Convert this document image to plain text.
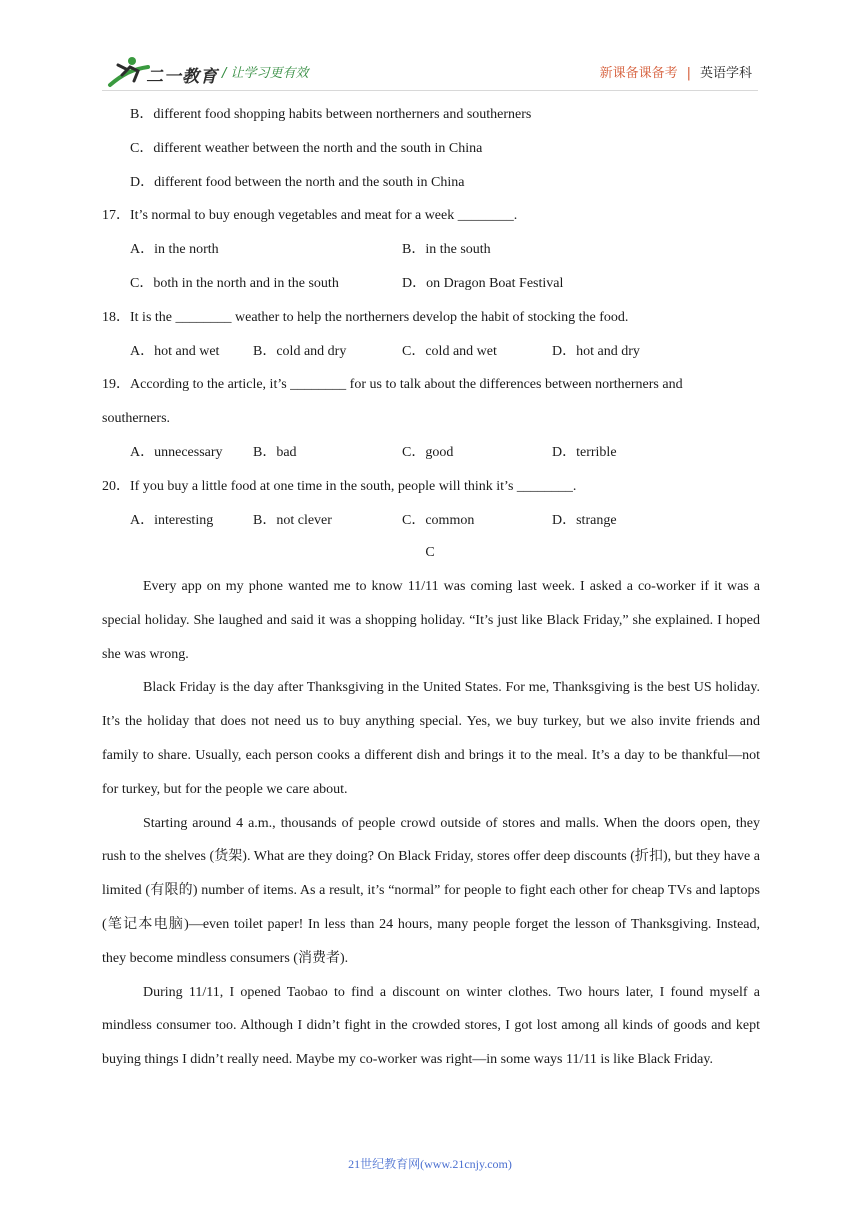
二一教育 / 让学习更有效	新课备课备考 | 英语学科
B．different food shopping habits between northerners and southerners
C．different weather between the north and the south in China
D．different food between the north and the south in China
17．It’s normal to buy enough vegetables and meat for a week ________.
A．in the north	B．in the south
C．both in the north and in the south	D．on Dragon Boat Festival
18．It is the ________ weather to help the northerners develop the habit of stocking the food.
A．hot and wet B．cold and dry	C．cold and wet	D．hot and dry
19．According to the article, it’s ________ for us to talk about the differences between northerners and
southerners.
A．unnecessary B．bad	C．good	D．terrible
20．If you buy a little food at one time in the south, people will think it’s ________.
A．interesting	B．not clever	C．common	D．strange
C

Every app on my phone wanted me to know 11/11 was coming last week. I asked a co-worker if it was a special holiday. She laughed and said it was a shopping holiday. “It’s just like Black Friday,” she explained. I hoped she was wrong.

Black Friday is the day after Thanksgiving in the United States. For me, Thanksgiving is the best US holiday. It’s the holiday that does not need us to buy anything special. Yes, we buy turkey, but we also invite friends and family to share. Usually, each person cooks a different dish and brings it to the meal. It’s a day to be thankful—not for turkey, but for the people we care about.

Starting around 4 a.m., thousands of people crowd outside of stores and malls. When the doors open, they rush to the shelves (货架). What are they doing? On Black Friday, stores offer deep discounts (折扣), but they have a limited (有限的) number of items. As a result, it’s “normal” for people to fight each other for cheap TVs and laptops (笔记本电脑)—even toilet paper! In less than 24 hours, many people forget the lesson of Thanksgiving. Instead, they become mindless consumers (消费者).

During 11/11, I opened Taobao to find a discount on winter clothes. Two hours later, I found myself a mindless consumer too. Although I didn’t fight in the crowded stores, I got lost among all kinds of goods and kept buying things I didn’t really need. Maybe my co-worker was right—in some ways 11/11 is like Black Friday.

21世纪教育网(www.21cnjy.com)
